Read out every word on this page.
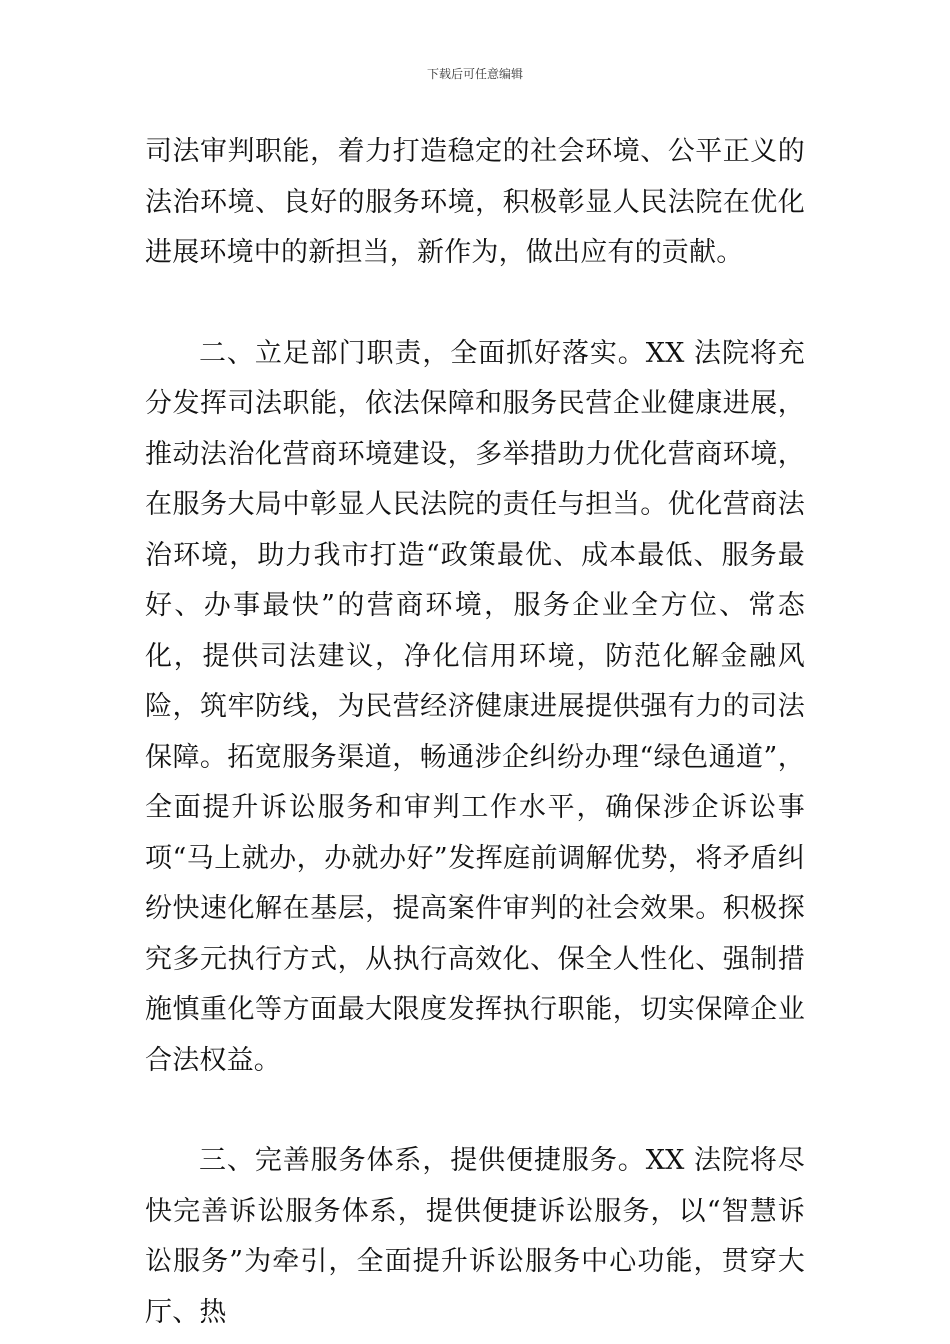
下载后可任意编辑

司法审判职能，着力打造稳定的社会环境、公平正义的法治环境、良好的服务环境，积极彰显人民法院在优化进展环境中的新担当，新作为，做出应有的贡献。

二、立足部门职责，全面抓好落实。XX 法院将充分发挥司法职能，依法保障和服务民营企业健康进展，推动法治化营商环境建设，多举措助力优化营商环境，在服务大局中彰显人民法院的责任与担当。优化营商法治环境，助力我市打造“政策最优、成本最低、服务最好、办事最快”的营商环境，服务企业全方位、常态化，提供司法建议，净化信用环境，防范化解金融风险，筑牢防线，为民营经济健康进展提供强有力的司法保障。拓宽服务渠道，畅通涉企纠纷办理“绿色通道”，全面提升诉讼服务和审判工作水平，确保涉企诉讼事项“马上就办，办就办好”发挥庭前调解优势，将矛盾纠纷快速化解在基层，提高案件审判的社会效果。积极探究多元执行方式，从执行高效化、保全人性化、强制措施慎重化等方面最大限度发挥执行职能，切实保障企业合法权益。

三、完善服务体系，提供便捷服务。XX 法院将尽快完善诉讼服务体系，提供便捷诉讼服务，以“智慧诉讼服务”为牵引，全面提升诉讼服务中心功能，贯穿大厅、热
